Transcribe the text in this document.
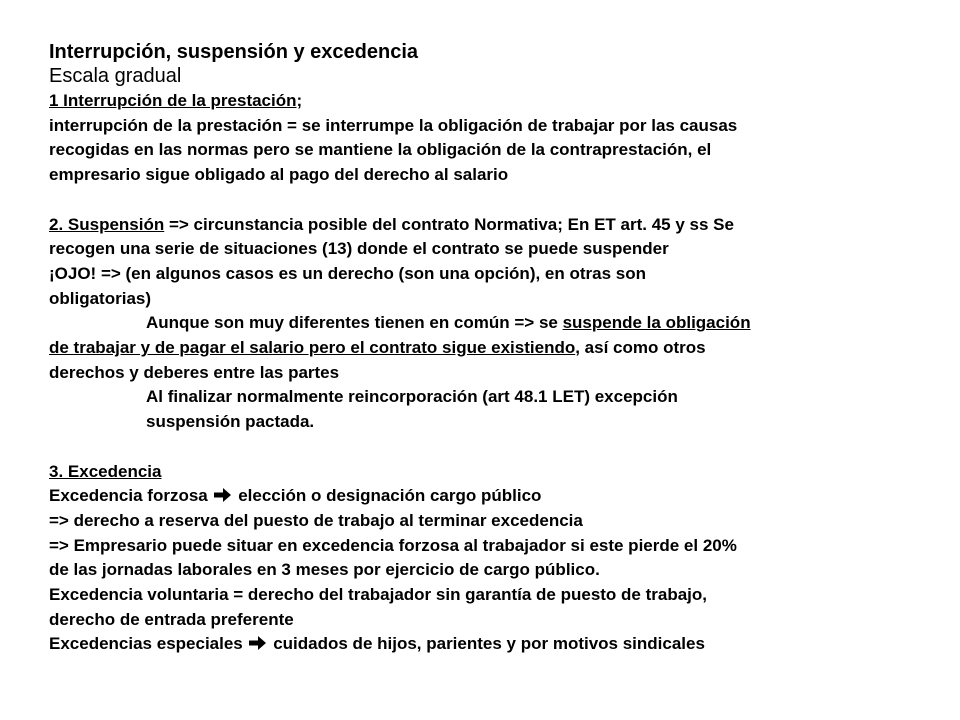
Interrupción, suspensión y excedencia

Escala gradual

1 Interrupción de la prestación;

interrupción de la prestación = se interrumpe la obligación de trabajar por las causas

recogidas en las normas pero se mantiene la obligación de la contraprestación, el

empresario sigue obligado al pago del derecho al salario

2. Suspensión => circunstancia posible del contrato Normativa; En ET art. 45 y ss Se

recogen una serie de situaciones (13) donde el contrato se puede suspender

¡OJO! => (en algunos casos es un derecho (son una opción), en otras son

obligatorias)

Aunque son muy diferentes tienen en común => se suspende la obligación

de trabajar y de pagar el salario pero el contrato sigue existiendo, así como otros

derechos y deberes entre las partes

Al finalizar normalmente reincorporación (art 48.1 LET) excepción

suspensión pactada.

3. Excedencia

Excedencia forzosa  elección o designación cargo público

=> derecho a reserva del puesto de trabajo al terminar excedencia

=> Empresario puede situar en excedencia forzosa al trabajador si este pierde el 20%

de las jornadas laborales en 3 meses por ejercicio de cargo público.

Excedencia voluntaria = derecho del trabajador sin garantía de puesto de trabajo,

derecho de entrada preferente

Excedencias especiales  cuidados de hijos, parientes y por motivos sindicales
